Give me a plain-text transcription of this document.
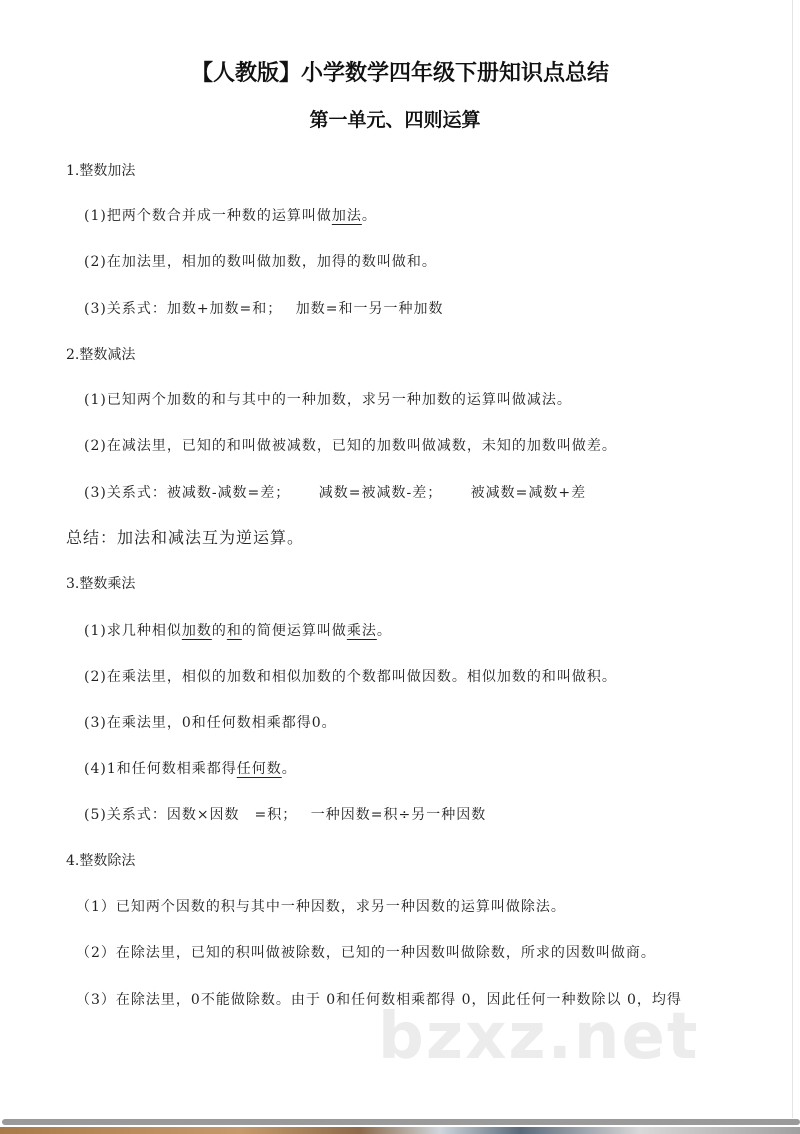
【人教版】小学数学四年级下册知识点总结
第一单元、四则运算
1.整数加法
(1)把两个数合并成一种数的运算叫做加法。
(2)在加法里，相加的数叫做加数，加得的数叫做和。
(3)关系式：加数+加数=和；　 加数=和一另一种加数
2.整数减法
(1)已知两个加数的和与其中的一种加数，求另一种加数的运算叫做减法。
(2)在减法里，已知的和叫做被减数，已知的加数叫做减数，未知的加数叫做差。
(3)关系式：被减数-减数=差；　　 减数=被减数-差；　　 被减数=减数+差
总结：加法和减法互为逆运算。
3.整数乘法
(1)求几种相似加数的和的简便运算叫做乘法。
(2)在乘法里，相似的加数和相似加数的个数都叫做因数。相似加数的和叫做积。
(3)在乘法里，0和任何数相乘都得0。
(4)1和任何数相乘都得任何数。
(5)关系式：因数×因数　=积；　 一种因数=积÷另一种因数
4.整数除法
（1）已知两个因数的积与其中一种因数，求另一种因数的运算叫做除法。
（2）在除法里，已知的积叫做被除数，已知的一种因数叫做除数，所求的因数叫做商。
（3）在除法里，0不能做除数。由于 0和任何数相乘都得 0，因此任何一种数除以 0，均得
bzxz.net
